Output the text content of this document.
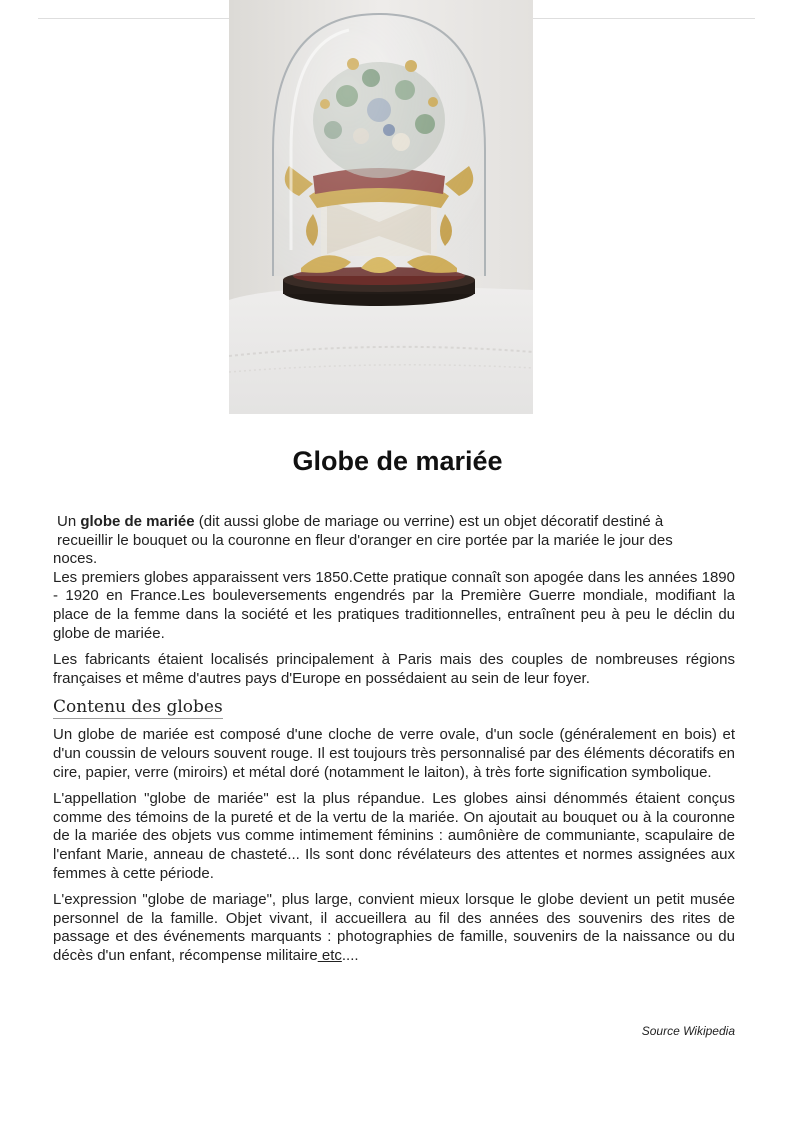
Globe de mariée

Un globe de mariée (dit aussi globe de mariage ou verrine) est un objet décoratif destiné à
recueillir le bouquet ou la couronne en fleur d'oranger en cire portée par la mariée le jour des
noces.

Les premiers globes apparaissent vers 1850.Cette pratique connaît son apogée dans les années 1890 - 1920 en France.Les bouleversements engendrés par la Première Guerre mondiale, modifiant la place de la femme dans la société et les pratiques traditionnelles, entraînent peu à peu le déclin du globe de mariée.

Les fabricants étaient localisés principalement à Paris mais des couples de nombreuses régions françaises et même d'autres pays d'Europe en possédaient au sein de leur foyer.

Contenu des globes

Un globe de mariée est composé d'une cloche de verre ovale, d'un socle (généralement en bois) et d'un coussin de velours souvent rouge. Il est toujours très personnalisé par des éléments décoratifs en cire, papier, verre (miroirs) et métal doré (notamment le laiton), à très forte signification symbolique.

L'appellation "globe de mariée" est la plus répandue. Les globes ainsi dénommés étaient conçus comme des témoins de la pureté et de la vertu de la mariée. On ajoutait au bouquet ou à la couronne de la mariée des objets vus comme intimement féminins : aumônière de communiante, scapulaire de l'enfant Marie, anneau de chasteté... Ils sont donc révélateurs des attentes et normes assignées aux femmes à cette période.

L'expression "globe de mariage", plus large, convient mieux lorsque le globe devient un petit musée personnel de la famille. Objet vivant, il accueillera au fil des années des souvenirs des rites de passage et des événements marquants : photographies de famille, souvenirs de la naissance ou du décès d'un enfant, récompense militaire etc....

Source Wikipedia
